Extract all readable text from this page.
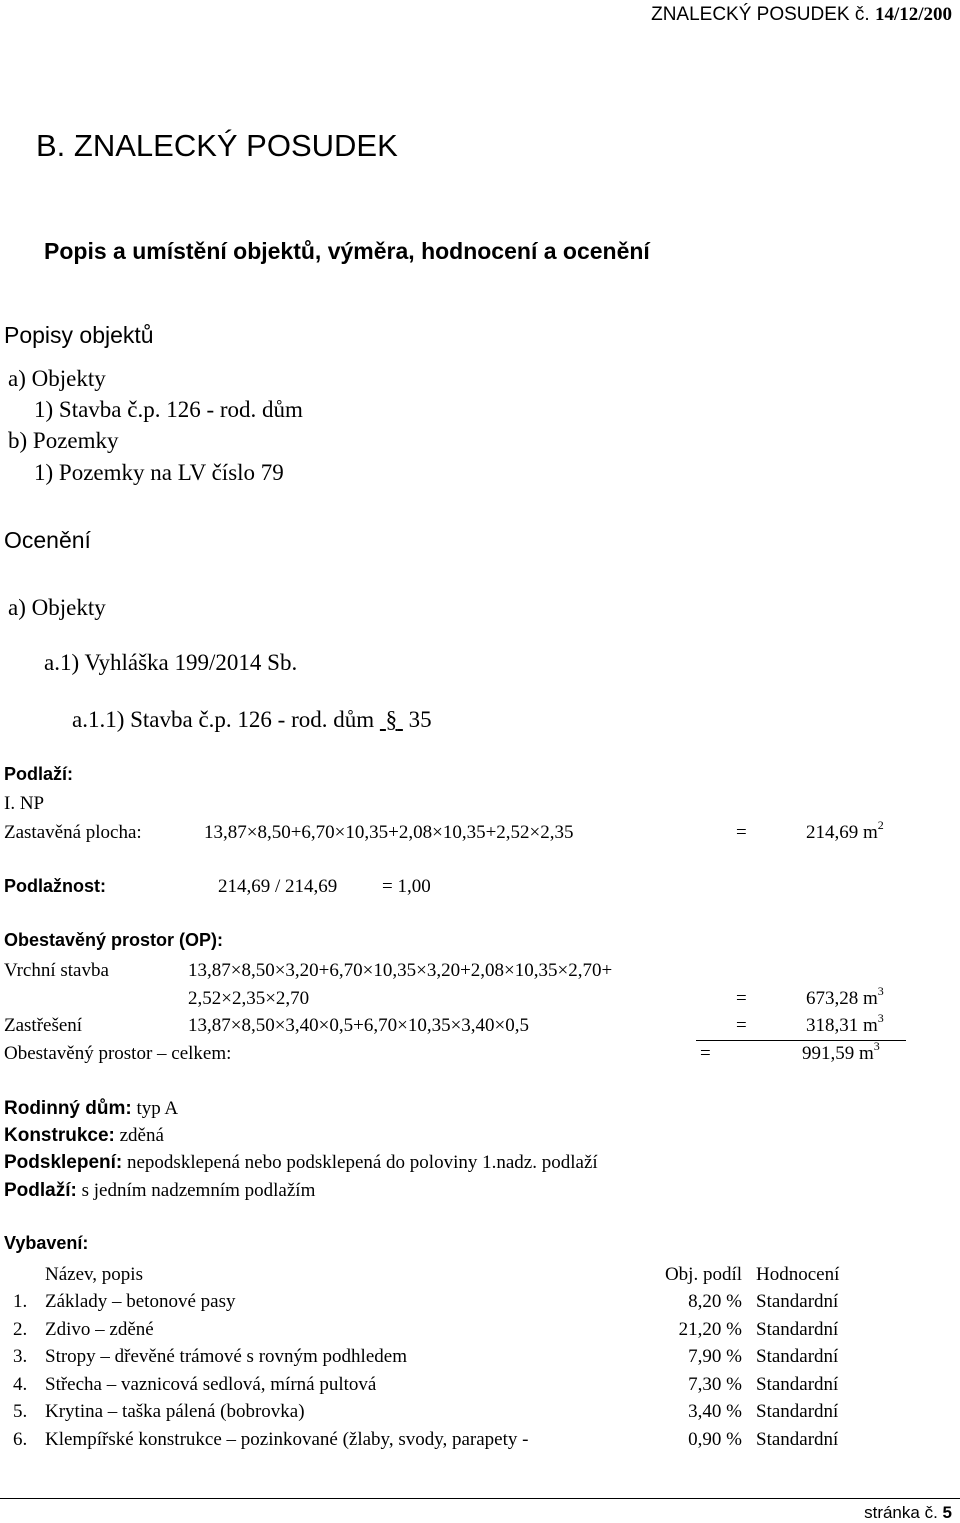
ZNALECKÝ POSUDEK č. 14/12/200
B. ZNALECKÝ POSUDEK
Popis a umístění objektů, výměra, hodnocení a ocenění
Popisy objektů
a) Objekty
1) Stavba č.p. 126 - rod. dům
b) Pozemky
1) Pozemky na LV číslo 79
Ocenění
a) Objekty
a.1) Vyhláška 199/2014 Sb.
a.1.1) Stavba č.p. 126 - rod. dům § 35
Podlaží:
I. NP
Zastavěná plocha:	13,87×8,50+6,70×10,35+2,08×10,35+2,52×2,35	=	214,69 $m^2$
Podlažnost:	214,69 / 214,69 = 1,00
Obestavěný prostor (OP):
Vrchní stavba	13,87×8,50×3,20+6,70×10,35×3,20+2,08×10,35×2,70+
2,52×2,35×2,70	=	673,28 $m^3$
Zastřešení	13,87×8,50×3,40×0,5+6,70×10,35×3,40×0,5	=	318,31 $m^3$
Obestavěný prostor – celkem:	=	991,59 $m^3$
Rodinný dům: typ A
Konstrukce: zděná
Podsklepení: nepodsklepená nebo podsklepená do poloviny 1.nadz. podlaží
Podlaží: s jedním nadzemním podlažím
Vybavení:
Název, popis	Obj. podíl Hodnocení
1. Základy – betonové pasy	8,20 % Standardní
2. Zdivo – zděné	21,20 % Standardní
3. Stropy – dřevěné trámové s rovným podhledem	7,90 % Standardní
4. Střecha – vaznicová sedlová, mírná pultová	7,30 % Standardní
5. Krytina – taška pálená (bobrovka)	3,40 % Standardní
6. Klempířské konstrukce – pozinkované (žlaby, svody, parapety -	0,90 % Standardní
stránka č. 5
